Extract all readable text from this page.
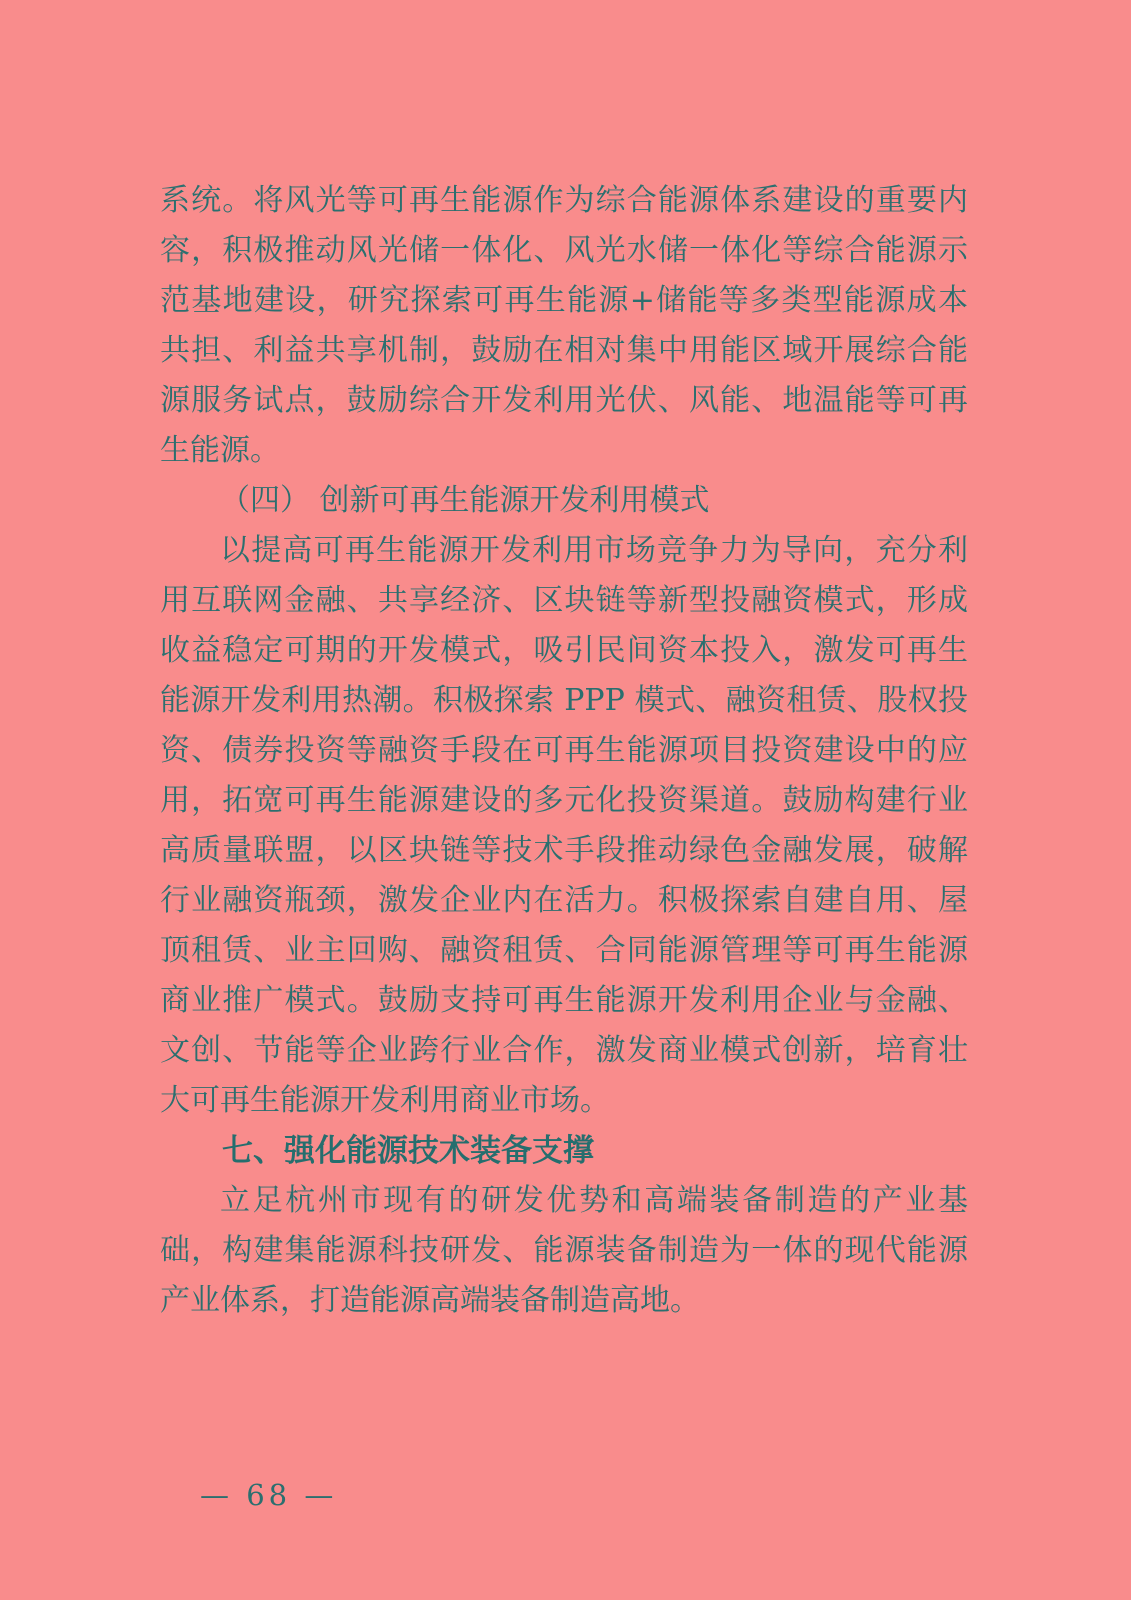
系统。将风光等可再生能源作为综合能源体系建设的重要内
容，积极推动风光储一体化、风光水储一体化等综合能源示
范基地建设，研究探索可再生能源+储能等多类型能源成本
共担、利益共享机制，鼓励在相对集中用能区域开展综合能
源服务试点，鼓励综合开发利用光伏、风能、地温能等可再
生能源。
（四） 创新可再生能源开发利用模式
以提高可再生能源开发利用市场竞争力为导向，充分利
用互联网金融、共享经济、区块链等新型投融资模式，形成
收益稳定可期的开发模式，吸引民间资本投入，激发可再生
能源开发利用热潮。积极探索 PPP 模式、融资租赁、股权投
资、债券投资等融资手段在可再生能源项目投资建设中的应
用，拓宽可再生能源建设的多元化投资渠道。鼓励构建行业
高质量联盟，以区块链等技术手段推动绿色金融发展，破解
行业融资瓶颈，激发企业内在活力。积极探索自建自用、屋
顶租赁、业主回购、融资租赁、合同能源管理等可再生能源
商业推广模式。鼓励支持可再生能源开发利用企业与金融、
文创、节能等企业跨行业合作，激发商业模式创新，培育壮
大可再生能源开发利用商业市场。
七、强化能源技术装备支撑
立足杭州市现有的研发优势和高端装备制造的产业基
础，构建集能源科技研发、能源装备制造为一体的现代能源
产业体系，打造能源高端装备制造高地。
— 68 —
